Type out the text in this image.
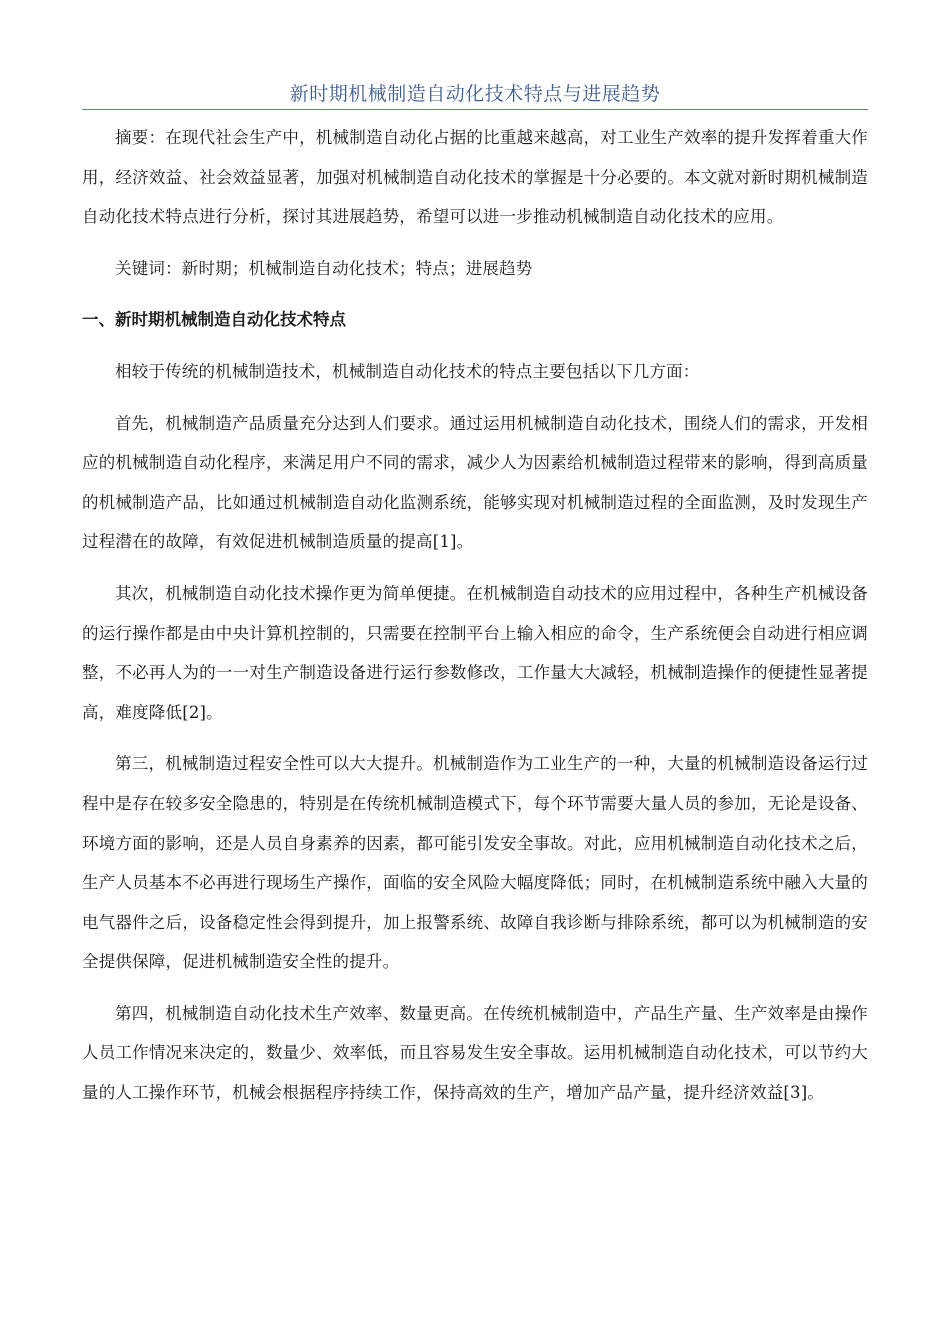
新时期机械制造自动化技术特点与进展趋势

摘要：在现代社会生产中，机械制造自动化占据的比重越来越高，对工业生产效率的提升发挥着重大作用，经济效益、社会效益显著，加强对机械制造自动化技术的掌握是十分必要的。本文就对新时期机械制造自动化技术特点进行分析，探讨其进展趋势，希望可以进一步推动机械制造自动化技术的应用。

关键词：新时期；机械制造自动化技术；特点；进展趋势

一、新时期机械制造自动化技术特点

相较于传统的机械制造技术，机械制造自动化技术的特点主要包括以下几方面：

首先，机械制造产品质量充分达到人们要求。通过运用机械制造自动化技术，围绕人们的需求，开发相应的机械制造自动化程序，来满足用户不同的需求，减少人为因素给机械制造过程带来的影响，得到高质量的机械制造产品，比如通过机械制造自动化监测系统，能够实现对机械制造过程的全面监测，及时发现生产过程潜在的故障，有效促进机械制造质量的提高[1]。

其次，机械制造自动化技术操作更为简单便捷。在机械制造自动技术的应用过程中，各种生产机械设备的运行操作都是由中央计算机控制的，只需要在控制平台上输入相应的命令，生产系统便会自动进行相应调整，不必再人为的一一对生产制造设备进行运行参数修改，工作量大大减轻，机械制造操作的便捷性显著提高，难度降低[2]。

第三，机械制造过程安全性可以大大提升。机械制造作为工业生产的一种，大量的机械制造设备运行过程中是存在较多安全隐患的，特别是在传统机械制造模式下，每个环节需要大量人员的参加，无论是设备、环境方面的影响，还是人员自身素养的因素，都可能引发安全事故。对此，应用机械制造自动化技术之后，生产人员基本不必再进行现场生产操作，面临的安全风险大幅度降低；同时，在机械制造系统中融入大量的电气器件之后，设备稳定性会得到提升，加上报警系统、故障自我诊断与排除系统，都可以为机械制造的安全提供保障，促进机械制造安全性的提升。

第四，机械制造自动化技术生产效率、数量更高。在传统机械制造中，产品生产量、生产效率是由操作人员工作情况来决定的，数量少、效率低，而且容易发生安全事故。运用机械制造自动化技术，可以节约大量的人工操作环节，机械会根据程序持续工作，保持高效的生产，增加产品产量，提升经济效益[3]。
